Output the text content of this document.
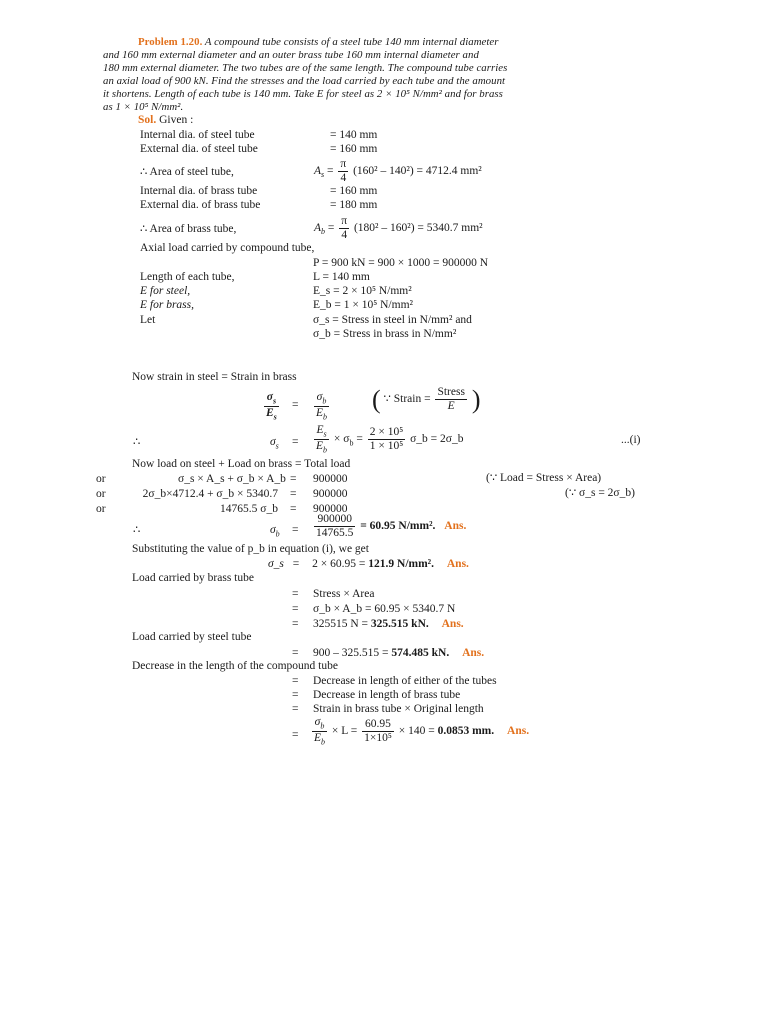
Problem 1.20. A compound tube consists of a steel tube 140 mm internal diameter
and 160 mm external diameter and an outer brass tube 160 mm internal diameter and
180 mm external diameter. The two tubes are of the same length. The compound tube carries
an axial load of 900 kN. Find the stresses and the load carried by each tube and the amount
it shortens. Length of each tube is 140 mm. Take E for steel as 2 × 10⁵ N/mm² and for brass
as 1 × 10⁵ N/mm².
Sol. Given :
Internal dia. of steel tube	= 140 mm
External dia. of steel tube	= 160 mm
∴ Area of steel tube,	$A_s = \frac{\pi}{4} (160^2 - 140^2) = 4712.4$ mm²
Internal dia. of brass tube	= 160 mm
External dia. of brass tube	= 180 mm
∴ Area of brass tube,	$A_b = \frac{\pi}{4} (180^2 - 160^2) = 5340.7$ mm²
Axial load carried by compound tube,
P = 900 kN = 900 × 1000 = 900000 N
Length of each tube,	L = 140 mm
E for steel,	E_s = 2 × 10⁵ N/mm²
E for brass,	E_b = 1 × 10⁵ N/mm²
Let	σ_s = Stress in steel in N/mm² and
σ_b = Stress in brass in N/mm²
Now strain in steel = Strain in brass
$\frac{\sigma_s}{E_s} = \frac{\sigma_b}{E_b}$ ( ∵ Strain = $\frac{\text{Stress}}{E}$ )
∴	$\sigma_s = \frac{E_s}{E_b} \times \sigma_b = \frac{\text{2 × 10⁵}}{\text{1 × 10⁵}}$ σ_b = 2σ_b	...(i)
Now load on steel + Load on brass = Total load
or	σ_s × A_s + σ_b × A_b = 900000	(∵ Load = Stress × Area)
or	2σ_b×4712.4 + σ_b × 5340.7 = 900000	(∵ σ_s = 2σ_b)
or	14765.5 σ_b = 900000
∴	$\sigma_b = \frac{900000}{14765.5} = 60.95$ N/mm². Ans.
Substituting the value of p_b in equation (i), we get
σ_s = 2 × 60.95 = 121.9 N/mm². Ans.
Load carried by brass tube
= Stress × Area
= σ_b × A_b = 60.95 × 5340.7 N
= 325515 N = 325.515 kN. Ans.
Load carried by steel tube
= 900 – 325.515 = 574.485 kN. Ans.
Decrease in the length of the compound tube
= Decrease in length of either of the tubes
= Decrease in length of brass tube
= Strain in brass tube × Original length
= $\frac{\sigma_b}{E_b} \times L = \frac{60.95}{\text{1×10⁵}} \times 140 = 0.0853$ mm. Ans.
